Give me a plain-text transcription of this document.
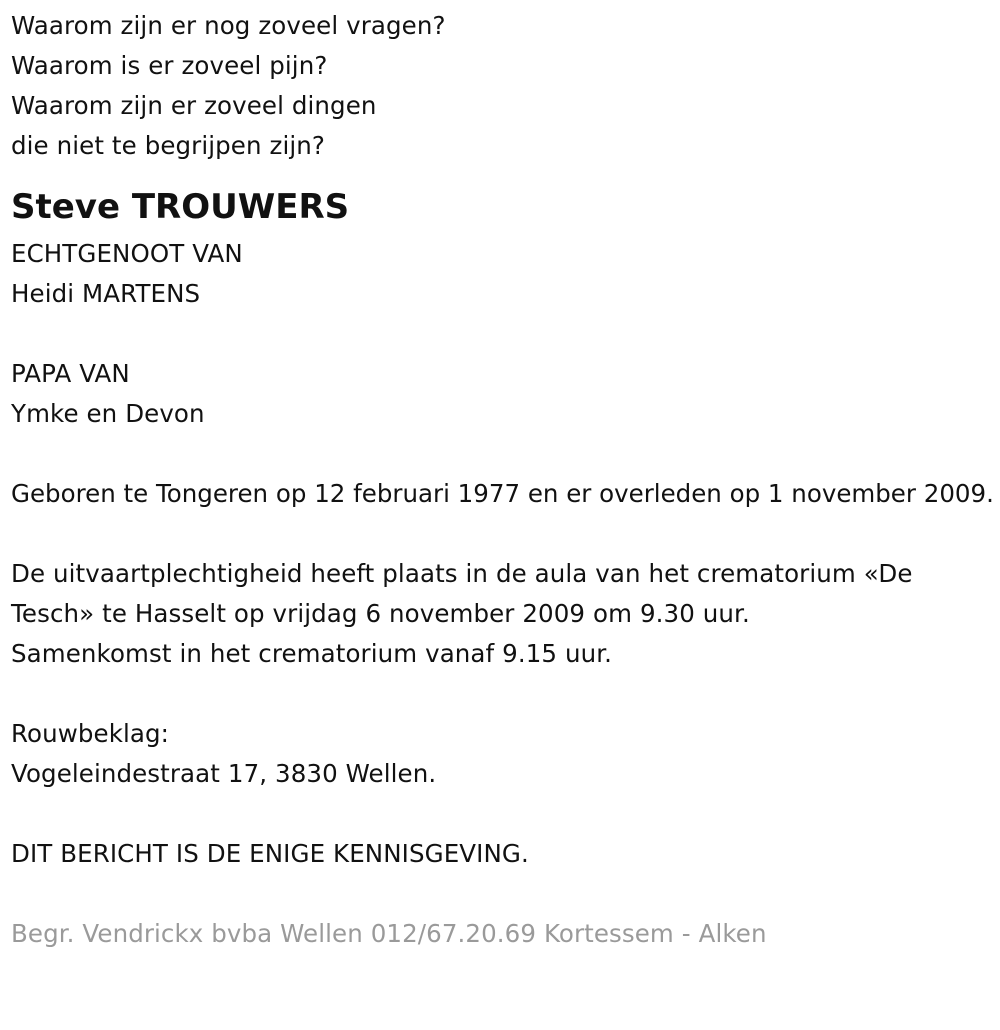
Waarom zijn er nog zoveel vragen?
Waarom is er zoveel pijn?
Waarom zijn er zoveel dingen
die niet te begrijpen zijn?
Steve TROUWERS
ECHTGENOOT VAN
Heidi MARTENS
PAPA VAN
Ymke en Devon
Geboren te Tongeren op 12 februari 1977 en er overleden op 1 november 2009.
De uitvaartplechtigheid heeft plaats in de aula van het crematorium «De
Tesch» te Hasselt op vrijdag 6 november 2009 om 9.30 uur.
Samenkomst in het crematorium vanaf 9.15 uur.
Rouwbeklag:
Vogeleindestraat 17, 3830 Wellen.
DIT BERICHT IS DE ENIGE KENNISGEVING.
Begr. Vendrickx bvba Wellen 012/67.20.69 Kortessem - Alken
